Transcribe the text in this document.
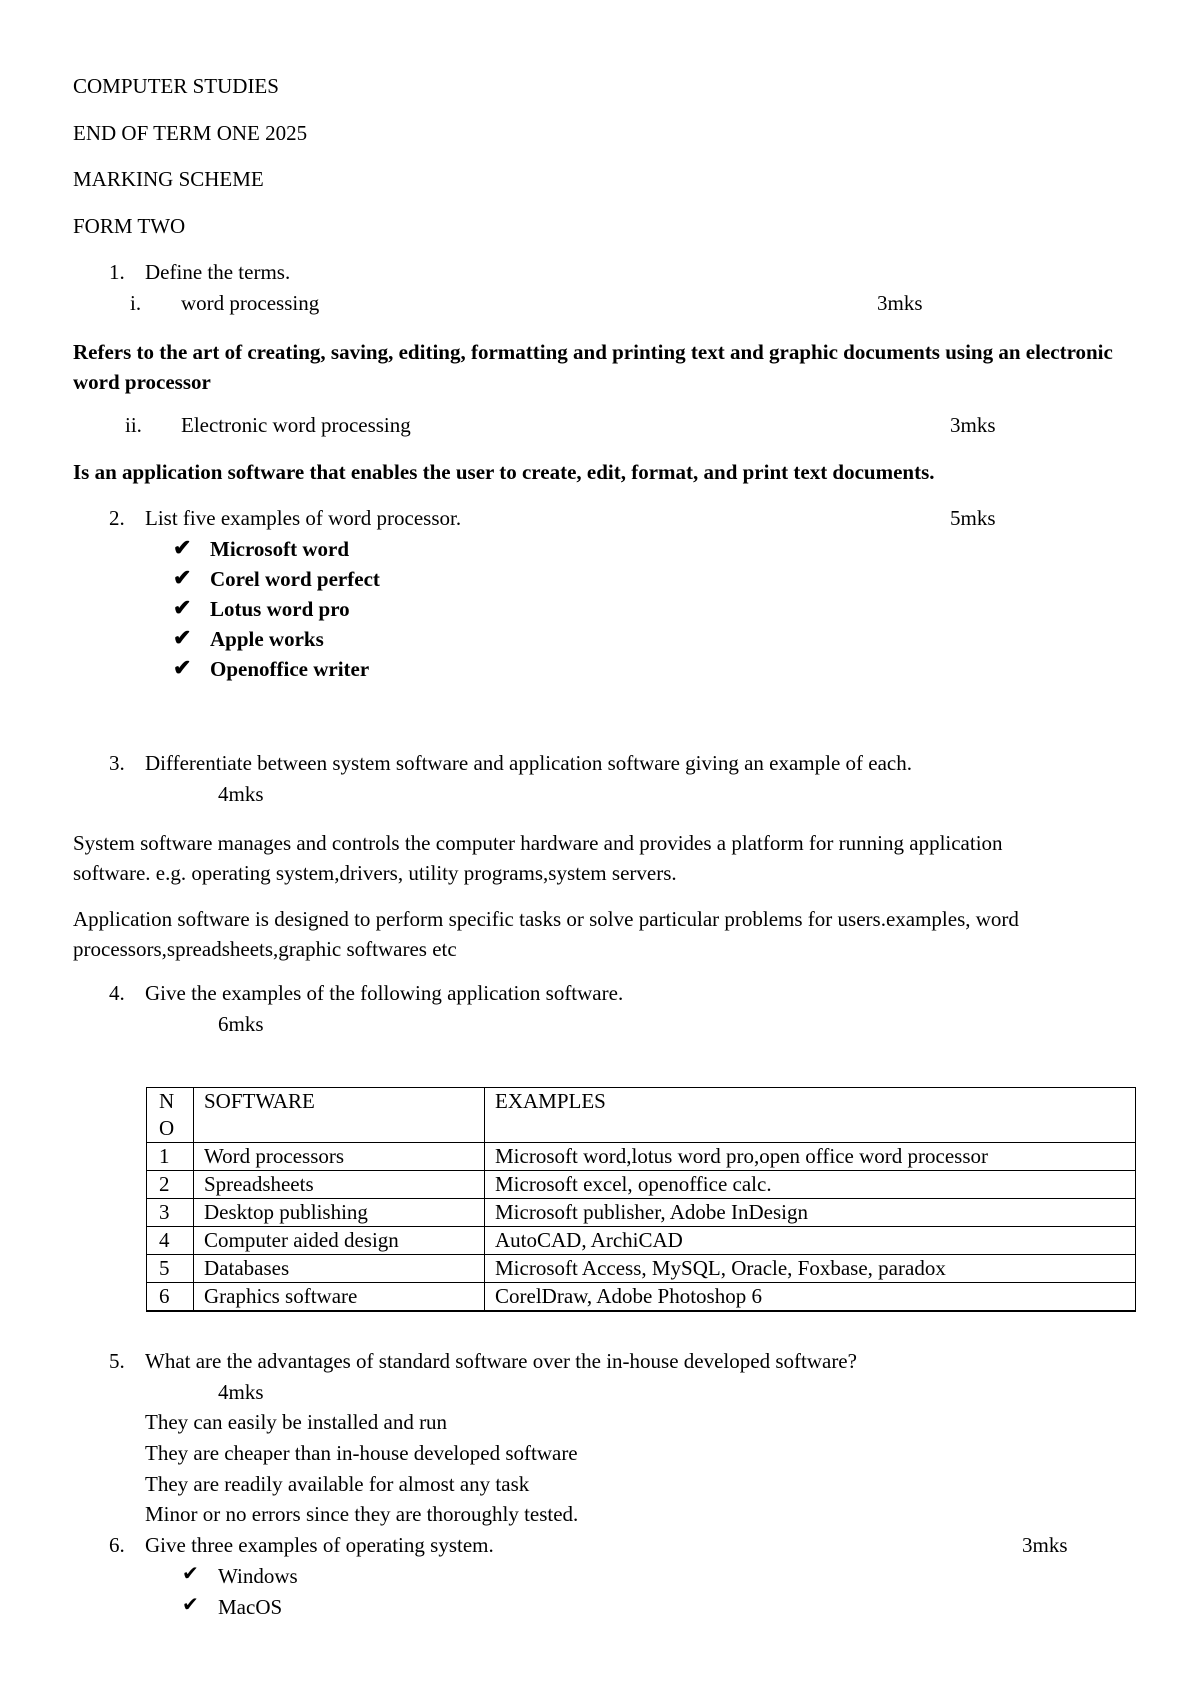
COMPUTER STUDIES
END OF TERM ONE 2025
MARKING SCHEME
FORM TWO
1. Define the terms.
i. word processing	3mks
Refers to the art of creating, saving, editing, formatting and printing text and graphic documents using an electronic word processor
ii. Electronic word processing	3mks
Is an application software that enables the user to create, edit, format, and print text documents.
2. List five examples of word processor.	5mks
✔ Microsoft word
✔ Corel word perfect
✔ Lotus word pro
✔ Apple works
✔ Openoffice writer
3. Differentiate between system software and application software giving an example of each.
4mks
System software manages and controls the computer hardware and provides a platform for running application software. e.g. operating system,drivers, utility programs,system servers.
Application software is designed to perform specific tasks or solve particular problems for users.examples, word processors,spreadsheets,graphic softwares etc
4. Give the examples of the following application software.
6mks
NO	SOFTWARE	EXAMPLES
1	Word processors	Microsoft word,lotus word pro,open office word processor
2	Spreadsheets	Microsoft excel, openoffice calc.
3	Desktop publishing	Microsoft publisher, Adobe InDesign
4	Computer aided design	AutoCAD, ArchiCAD
5	Databases	Microsoft Access, MySQL, Oracle, Foxbase, paradox
6	Graphics software	CorelDraw, Adobe Photoshop 6
5. What are the advantages of standard software over the in-house developed software?
4mks
They can easily be installed and run
They are cheaper than in-house developed software
They are readily available for almost any task
Minor or no errors since they are thoroughly tested.
6. Give three examples of operating system.	3mks
✔ Windows
✔ MacOS
